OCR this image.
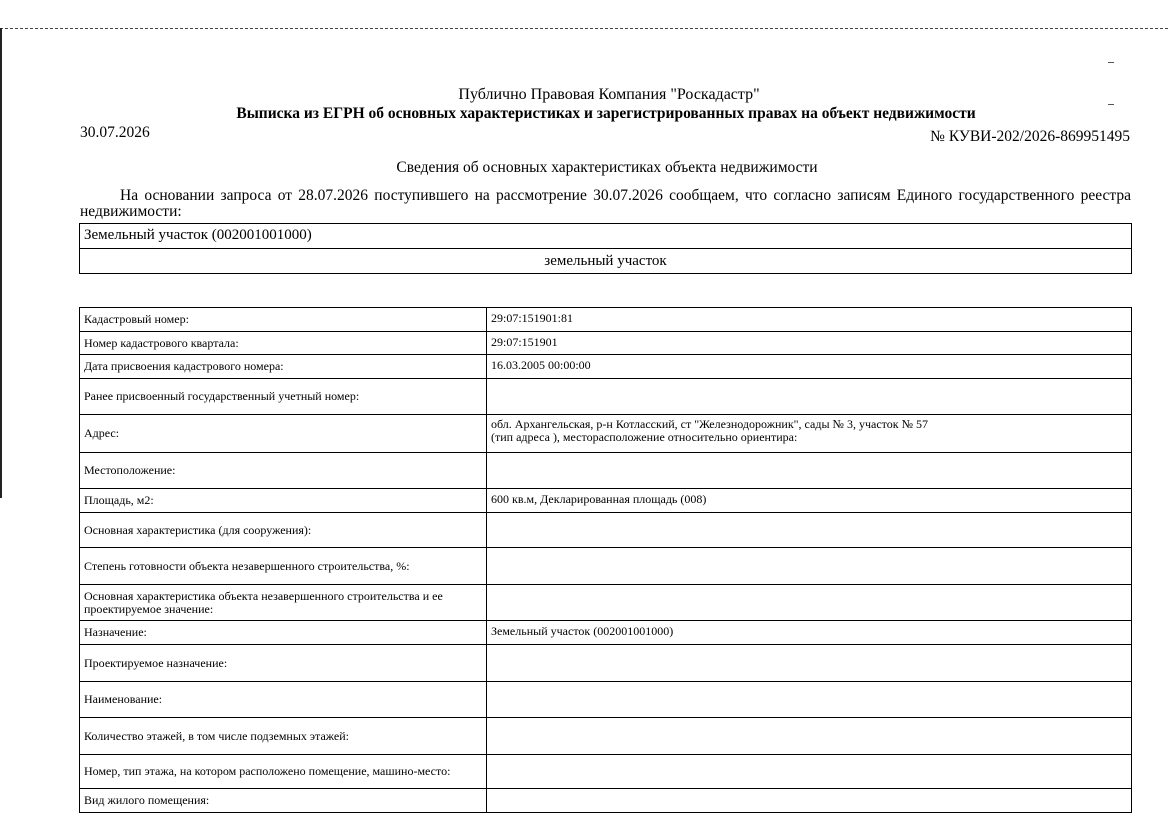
Публично Правовая Компания "Роскадастр"
Выписка из ЕГРН об основных характеристиках и зарегистрированных правах на объект недвижимости
30.07.2026	№ КУВИ-202/2026-869951495
Сведения об основных характеристиках объекта недвижимости
На основании запроса от 28.07.2026 поступившего на рассмотрение 30.07.2026 сообщаем, что согласно записям Единого государственного реестра недвижимости:
Земельный участок (002001001000)
земельный участок
Кадастровый номер:	29:07:151901:81
Номер кадастрового квартала:	29:07:151901
Дата присвоения кадастрового номера:	16.03.2005 00:00:00
Ранее присвоенный государственный учетный номер:	
Адрес:	обл. Архангельская, р-н Котласский, ст "Железнодорожник", сады № 3, участок № 57
(тип адреса ), месторасположение относительно ориентира:
Местоположение:	
Площадь, м2:	600 кв.м, Декларированная площадь (008)
Основная характеристика (для сооружения):	
Степень готовности объекта незавершенного строительства, %:	
Основная характеристика объекта незавершенного строительства и ее проектируемое значение:	
Назначение:	Земельный участок (002001001000)
Проектируемое назначение:	
Наименование:	
Количество этажей, в том числе подземных этажей:	
Номер, тип этажа, на котором расположено помещение, машино-место:	
Вид жилого помещения:	
